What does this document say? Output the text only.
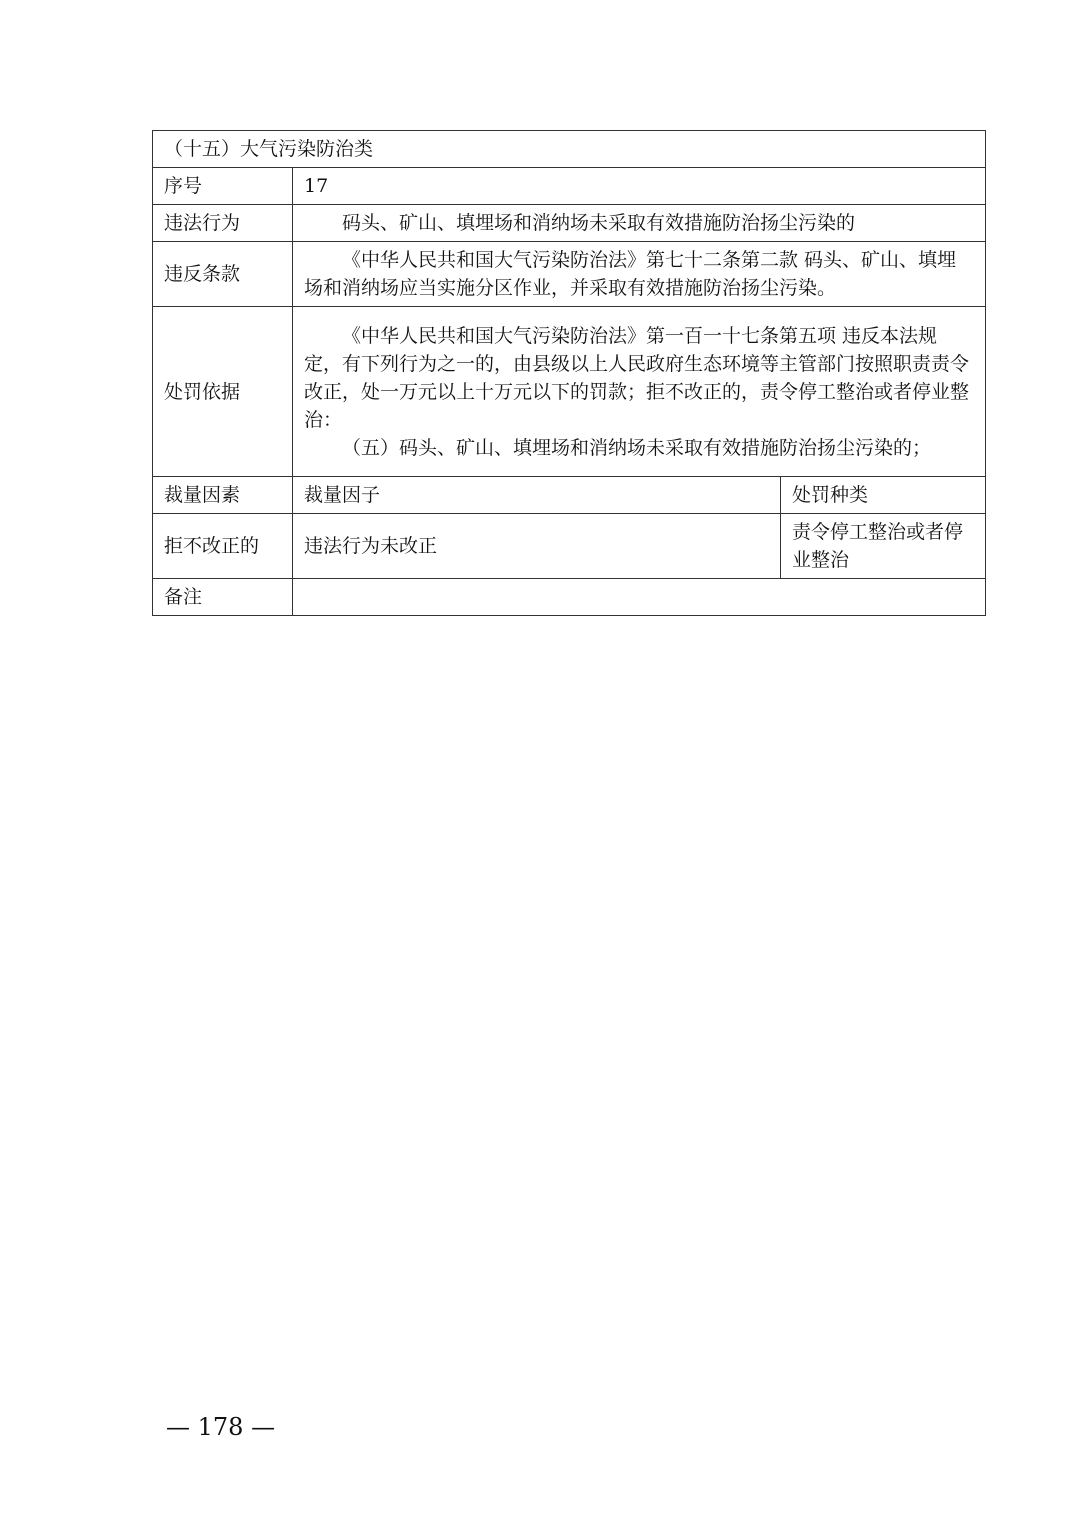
（十五）大气污染防治类		
序号	17	
违法行为	码头、矿山、填埋场和消纳场未采取有效措施防治扬尘污染的	
违反条款	《中华人民共和国大气污染防治法》第七十二条第二款 码头、矿山、填埋场和消纳场应当实施分区作业，并采取有效措施防治扬尘污染。	
处罚依据	《中华人民共和国大气污染防治法》第一百一十七条第五项 违反本法规定，有下列行为之一的，由县级以上人民政府生态环境等主管部门按照职责责令改正，处一万元以上十万元以下的罚款；拒不改正的，责令停工整治或者停业整治：

（五）码头、矿山、填埋场和消纳场未采取有效措施防治扬尘污染的；	

裁量因素	裁量因子	处罚种类
拒不改正的	违法行为未改正	责令停工整治或者停业整治
备注		
— 178 —
